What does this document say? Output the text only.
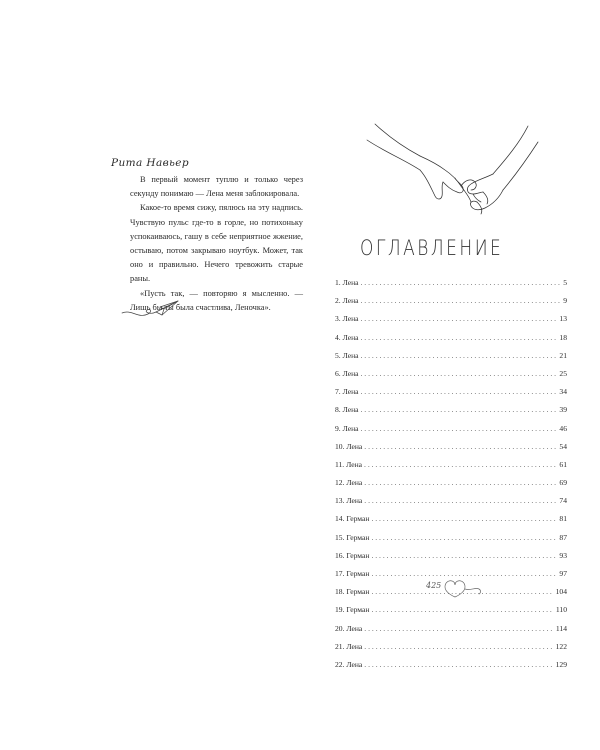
Рита Навьер

В первый момент туплю и только через секунду понимаю — Лена меня заблокировала.

Какое-то время сижу, пялюсь на эту надпись. Чувствую пульс где-то в горле, но потихоньку успокаиваюсь, гашу в себе неприятное жжение, остываю, потом закрываю ноутбук. Может, так оно и правильно. Нечего тревожить старые раны.

«Пусть так, — повторяю я мысленно. — Лишь бы ты была счастлива, Леночка».

ОГЛАВЛЕНИЕ
1. Лена . . .	5
2. Лена . . .	9
3. Лена . . .	13
4. Лена . . .	18
5. Лена . . .	21
6. Лена . . .	25
7. Лена . . .	34
8. Лена . . .	39
9. Лена . . .	46
10. Лена . . .	54
11. Лена . . .	61
12. Лена . . .	69
13. Лена . . .	74
14. Герман . . .	81
15. Герман . . .	87
16. Герман . . .	93
17. Герман . . .	97
18. Герман . . .	104
19. Герман . . .	110
20. Лена . . .	114
21. Лена . . .	122
22. Лена . . .	129
425
